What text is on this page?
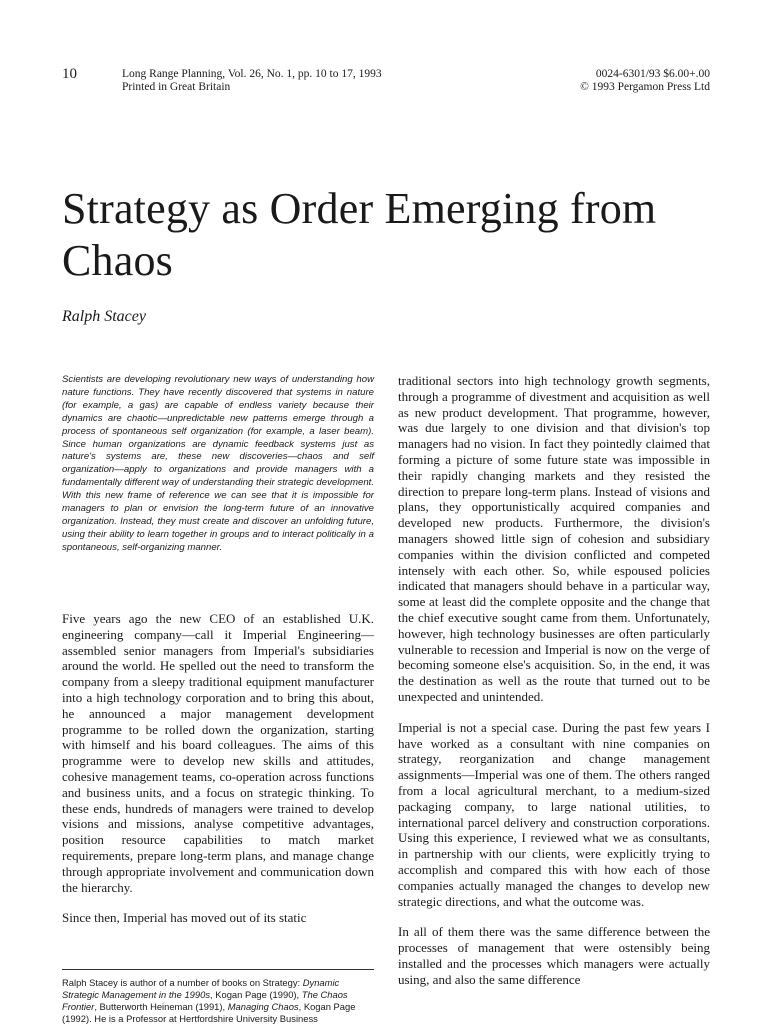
10	Long Range Planning, Vol. 26, No. 1, pp. 10 to 17, 1993
Printed in Great Britain
0024-6301/93 $6.00+.00
© 1993 Pergamon Press Ltd
Strategy as Order Emerging from Chaos
Ralph Stacey
Scientists are developing revolutionary new ways of understanding how nature functions. They have recently discovered that systems in nature (for example, a gas) are capable of endless variety because their dynamics are chaotic—unpredictable new patterns emerge through a process of spontaneous self organization (for example, a laser beam). Since human organizations are dynamic feedback systems just as nature's systems are, these new discoveries—chaos and self organization—apply to organizations and provide managers with a fundamentally different way of understanding their strategic development. With this new frame of reference we can see that it is impossible for managers to plan or envision the long-term future of an innovative organization. Instead, they must create and discover an unfolding future, using their ability to learn together in groups and to interact politically in a spontaneous, self-organizing manner.

Five years ago the new CEO of an established U.K. engineering company—call it Imperial Engineering—assembled senior managers from Imperial's subsidiaries around the world. He spelled out the need to transform the company from a sleepy traditional equipment manufacturer into a high technology corporation and to bring this about, he announced a major management development programme to be rolled down the organization, starting with himself and his board colleagues. The aims of this programme were to develop new skills and attitudes, cohesive management teams, co-operation across functions and business units, and a focus on strategic thinking. To these ends, hundreds of managers were trained to develop visions and missions, analyse competitive advantages, position resource capabilities to match market requirements, prepare long-term plans, and manage change through appropriate involvement and communication down the hierarchy.

Since then, Imperial has moved out of its static

traditional sectors into high technology growth segments, through a programme of divestment and acquisition as well as new product development. That programme, however, was due largely to one division and that division's top managers had no vision. In fact they pointedly claimed that forming a picture of some future state was impossible in their rapidly changing markets and they resisted the direction to prepare long-term plans. Instead of visions and plans, they opportunistically acquired companies and developed new products. Furthermore, the division's managers showed little sign of cohesion and subsidiary companies within the division conflicted and competed intensely with each other. So, while espoused policies indicated that managers should behave in a particular way, some at least did the complete opposite and the change that the chief executive sought came from them. Unfortunately, however, high technology businesses are often particularly vulnerable to recession and Imperial is now on the verge of becoming someone else's acquisition. So, in the end, it was the destination as well as the route that turned out to be unexpected and unintended.

Imperial is not a special case. During the past few years I have worked as a consultant with nine companies on strategy, reorganization and change management assignments—Imperial was one of them. The others ranged from a local agricultural merchant, to a medium-sized packaging company, to large national utilities, to international parcel delivery and construction corporations. Using this experience, I reviewed what we as consultants, in partnership with our clients, were explicitly trying to accomplish and compared this with how each of those companies actually managed the changes to develop new strategic directions, and what the outcome was.

In all of them there was the same difference between the processes of management that were ostensibly being installed and the processes which managers were actually using, and also the same difference

Ralph Stacey is author of a number of books on Strategy: Dynamic Strategic Management in the 1990s, Kogan Page (1990), The Chaos Frontier, Butterworth Heineman (1991), Managing Chaos, Kogan Page (1992). He is a Professor at Hertfordshire University Business
